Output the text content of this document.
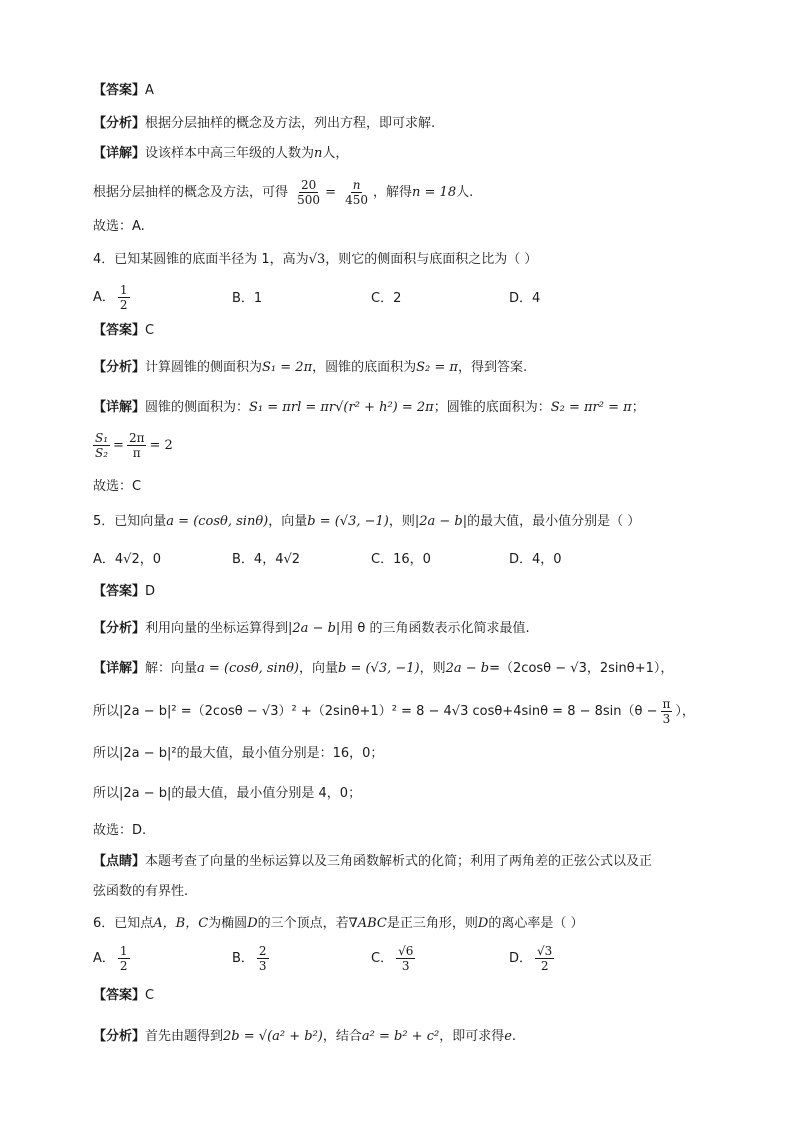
【答案】A
【分析】根据分层抽样的概念及方法，列出方程，即可求解.
【详解】设该样本中高三年级的人数为n人，
根据分层抽样的概念及方法，可得 $\frac{20}{500} = \frac{n}{450}$ ，解得n = 18人.
故选：A.
4．已知某圆锥的底面半径为 1，高为√3，则它的侧面积与底面积之比为（ ）
A． $\frac{1}{2}$	B．1	C．2	D．4
【答案】C
【分析】计算圆锥的侧面积为S₁ = 2π，圆锥的底面积为S₂ = π，得到答案.
【详解】圆锥的侧面积为：S₁ = πrl = πr√(r² + h²) = 2π；圆锥的底面积为：S₂ = πr² = π；
$\frac{\text{S₁}}{\text{S₂}} = \frac{2\pi}{\pi} = 2$
故选：C
5．已知向量a = (cosθ, sinθ)，向量b = (√3, −1)，则|2a − b|的最大值，最小值分别是（ ）
A．4√2，0	B．4，4√2	C．16，0	D．4，0
【答案】D
【分析】利用向量的坐标运算得到|2a − b|用 θ 的三角函数表示化简求最值.
【详解】解：向量a = (cosθ, sinθ)，向量b = (√3, −1)，则2a − b=（2cosθ − √3，2sinθ+1），
所以|2a − b|² =（2cosθ − √3）² +（2sinθ+1）² = 8 − 4√3 $\cos\theta+4\sin\theta = 8 - 8\sin(\theta - \frac{\pi}{3}$ ），
所以|2a − b|²的最大值，最小值分别是：16，0；
所以|2a − b|的最大值，最小值分别是 4，0；
故选：D.
【点睛】本题考查了向量的坐标运算以及三角函数解析式的化简；利用了两角差的正弦公式以及正
弦函数的有界性.
6．已知点A，B，C为椭圆D的三个顶点，若∇ABC是正三角形，则D的离心率是（ ）
A． $\frac{1}{2}$	B． $\frac{2}{3}$	C． $\frac{√6}{3}$	D． $\frac{√3}{2}$
【答案】C
【分析】首先由题得到2b = √(a² + b²)，结合a² = b² + c²，即可求得e.
